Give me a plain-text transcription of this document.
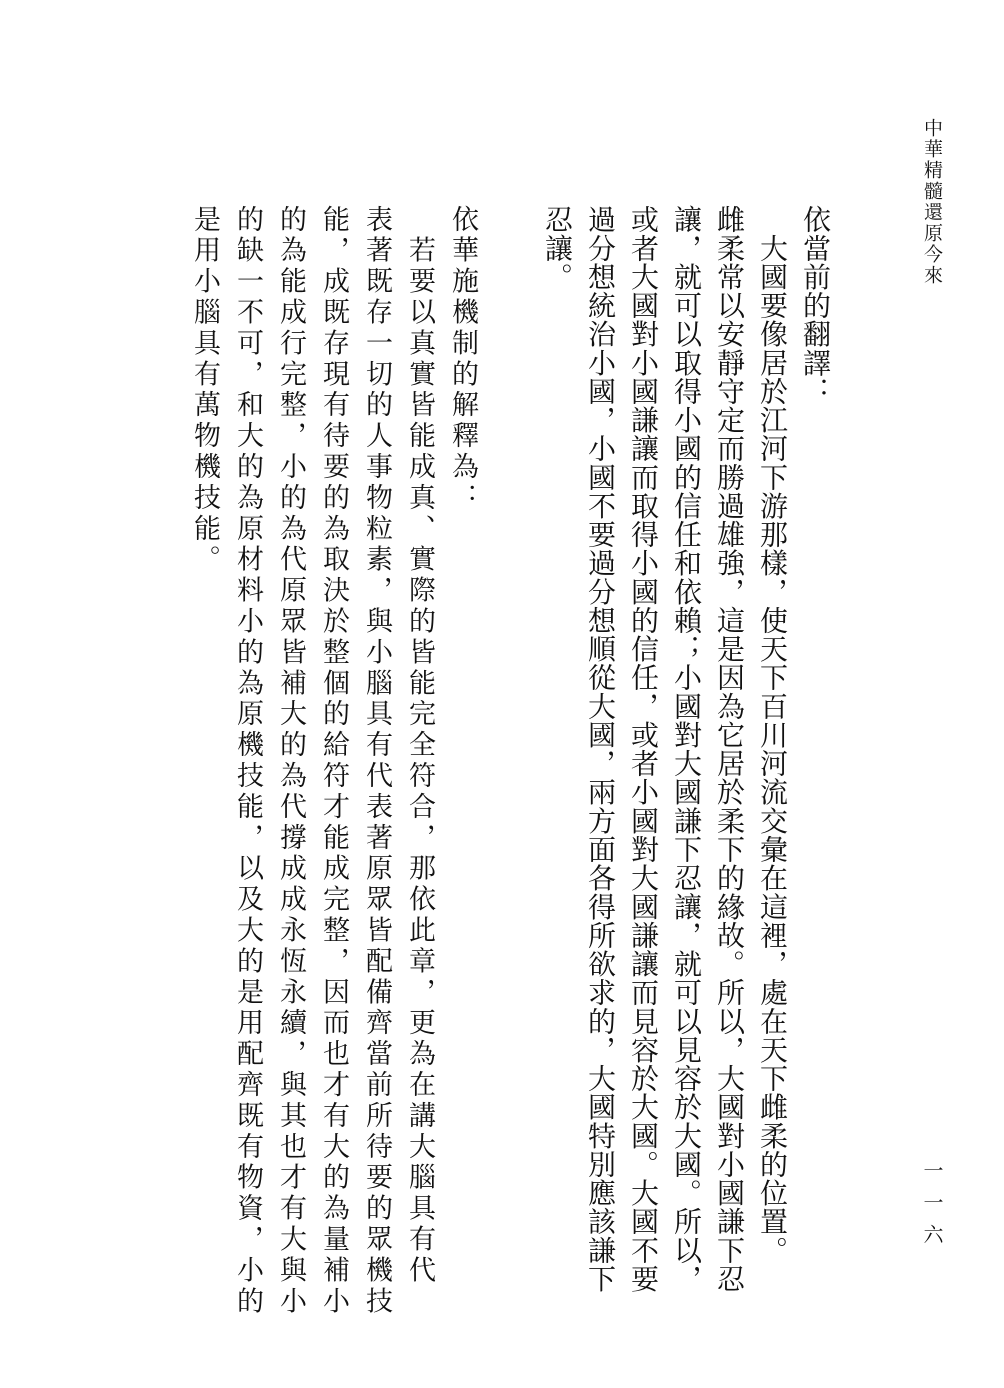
中華精髓還原今來
一一六
依當前的翻譯：
　大國要像居於江河下游那樣，使天下百川河流交彙在這裡，處在天下雌柔的位置。
雌柔常以安靜守定而勝過雄強，這是因為它居於柔下的緣故。所以，大國對小國謙下忍
讓，就可以取得小國的信任和依賴；小國對大國謙下忍讓，就可以見容於大國。所以，
或者大國對小國謙讓而取得小國的信任，或者小國對大國謙讓而見容於大國。大國不要
過分想統治小國，小國不要過分想順從大國，兩方面各得所欲求的，大國特別應該謙下
忍讓。
依華施機制的解釋為：
　若要以真實皆能成真、實際的皆能完全符合，那依此章，更為在講大腦具有代
表著既存一切的人事物粒素，與小腦具有代表著原眾皆配備齊當前所待要的眾機技
能，成既存現有待要的為取決於整個的給符才能成完整，因而也才有大的為量補小
的為能成行完整，小的為代原眾皆補大的為代撐成成永恆永續，與其也才有大與小
的缺一不可，和大的為原材料小的為原機技能，以及大的是用配齊既有物資，小的
是用小腦具有萬物機技能。
